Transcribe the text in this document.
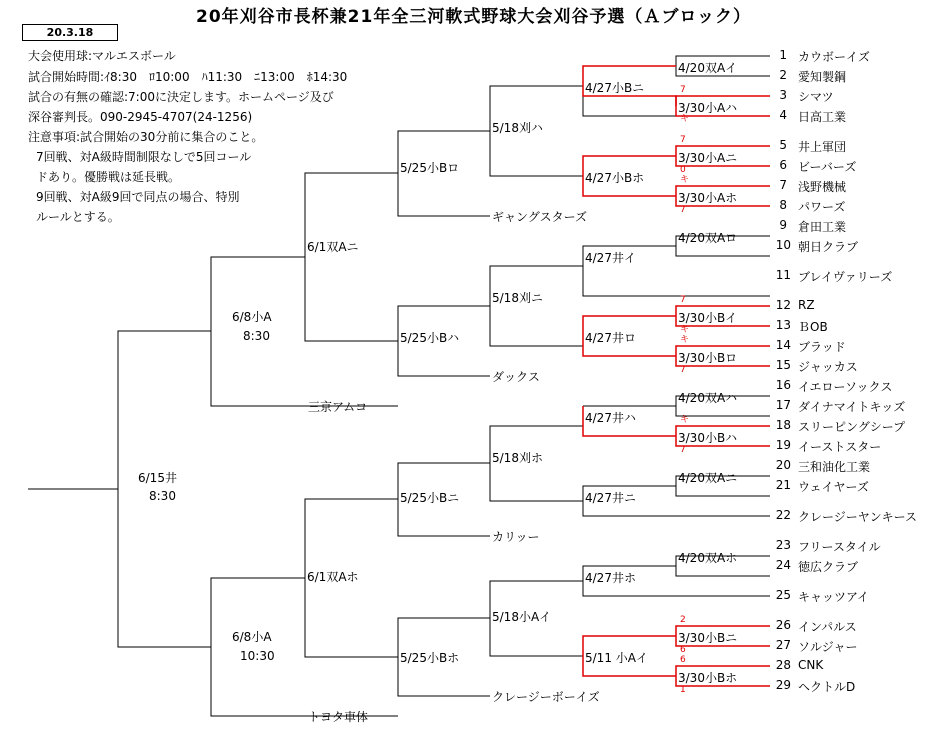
20年刈谷市長杯兼21年全三河軟式野球大会刈谷予選（Ａブロック）
20.3.18
大会使用球:マルエスボール
試合開始時間:ｲ8:30　ﾛ10:00　ﾊ11:30　ﾆ13:00　ﾎ14:30
試合の有無の確認:7:00に決定します。ホームページ及び
深谷審判長。090-2945-4707(24-1256)
注意事項:試合開始の30分前に集合のこと。
7回戦、対A級時間制限なしで5回コール
ドあり。優勝戦は延長戦。
9回戦、対A級9回で同点の場合、特別
ルールとする。
1 カウボーイズ
2 愛知製鋼
3 シマツ
4 日高工業
5 井上軍団
6 ビーバーズ
7 浅野機械
8 パワーズ
9 倉田工業
10 朝日クラブ
11 ブレイヴァリーズ
12 RZ
13 ＢOB
14 ブラッド
15 ジャッカス
16 イエローソックス
17 ダイナマイトキッズ
18 スリーピングシープ
19 イーストスター
20 三和油化工業
21 ウェイヤーズ
22 クレージーヤンキース
23 フリースタイル
24 徳広クラブ
25 キャッツアイ
26 インパルス
27 ソルジャー
28 CNK
29 ヘクトルD
4/20双Aイ
3/30小Aハ
3/30小Aニ
3/30小Aホ
4/20双Aロ
3/30小Bイ
3/30小Bロ
4/20双Aハ
3/30小Bハ
4/20双Aニ
4/20双Aホ
3/30小Bニ
3/30小Bホ
4/27小Bニ
4/27小Bホ
4/27井イ
4/27井ロ
4/27井ハ
4/27井ニ
4/27井ホ
5/11 小Aイ
5/18刈ハ
5/18刈ニ
5/18刈ホ
5/18小Aイ
ギャングスターズ
ダックス
カリッー
クレージーボーイズ
5/25小Bロ
5/25小Bハ
5/25小Bニ
5/25小Bホ
三京アムコ
トヨタ車体
6/1双Aニ
6/1双Aホ
6/8小A
8:30
6/8小A
10:30
6/15井
8:30
7
キ
7
0
キ
7
7
キ
キ
7
キ
7
2
6
6
1
